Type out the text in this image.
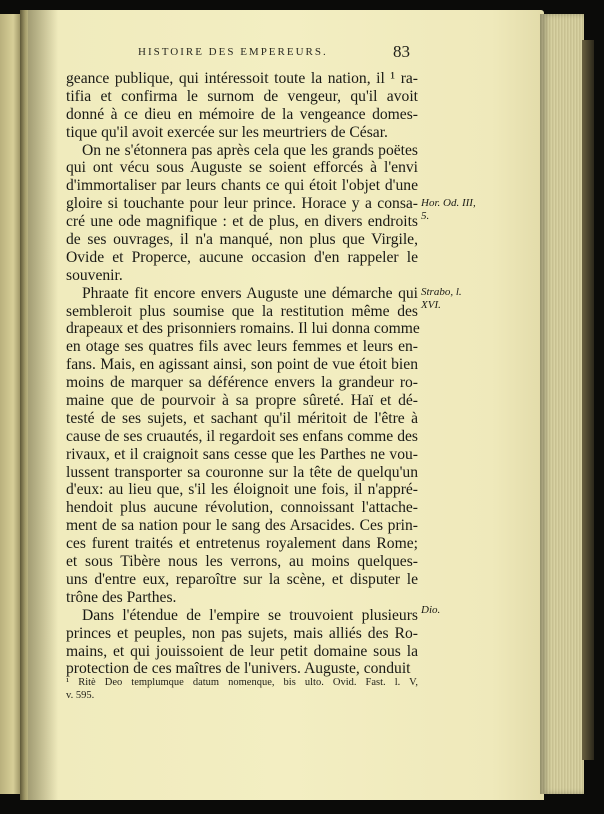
HISTOIRE DES EMPEREURS.	83
geance publique, qui intéressoit toute la nation, il ¹ ra-
tifia et confirma le surnom de vengeur, qu'il avoit
donné à ce dieu en mémoire de la vengeance domes-
tique qu'il avoit exercée sur les meurtriers de César.
On ne s'étonnera pas après cela que les grands poëtes
qui ont vécu sous Auguste se soient efforcés à l'envi
d'immortaliser par leurs chants ce qui étoit l'objet d'une
gloire si touchante pour leur prince. Horace y a consa-
cré une ode magnifique : et de plus, en divers endroits
de ses ouvrages, il n'a manqué, non plus que Virgile,
Ovide et Properce, aucune occasion d'en rappeler le
souvenir.
Phraate fit encore envers Auguste une démarche qui
sembleroit plus soumise que la restitution même des
drapeaux et des prisonniers romains. Il lui donna comme
en otage ses quatres fils avec leurs femmes et leurs en-
fans. Mais, en agissant ainsi, son point de vue étoit bien
moins de marquer sa déférence envers la grandeur ro-
maine que de pourvoir à sa propre sûreté. Haï et dé-
testé de ses sujets, et sachant qu'il méritoit de l'être à
cause de ses cruautés, il regardoit ses enfans comme des
rivaux, et il craignoit sans cesse que les Parthes ne vou-
lussent transporter sa couronne sur la tête de quelqu'un
d'eux: au lieu que, s'il les éloignoit une fois, il n'appré-
hendoit plus aucune révolution, connoissant l'attache-
ment de sa nation pour le sang des Arsacides. Ces prin-
ces furent traités et entretenus royalement dans Rome;
et sous Tibère nous les verrons, au moins quelques-
uns d'entre eux, reparoître sur la scène, et disputer le
trône des Parthes.
Dans l'étendue de l'empire se trouvoient plusieurs
princes et peuples, non pas sujets, mais alliés des Ro-
mains, et qui jouissoient de leur petit domaine sous la
protection de ces maîtres de l'univers. Auguste, conduit
Hor. Od. III,
5.
Strabo, l.
XVI.
Dio.
¹ Ritè Deo templumque datum nomenque, bis ulto. Ovid. Fast. l. V,
v. 595.
